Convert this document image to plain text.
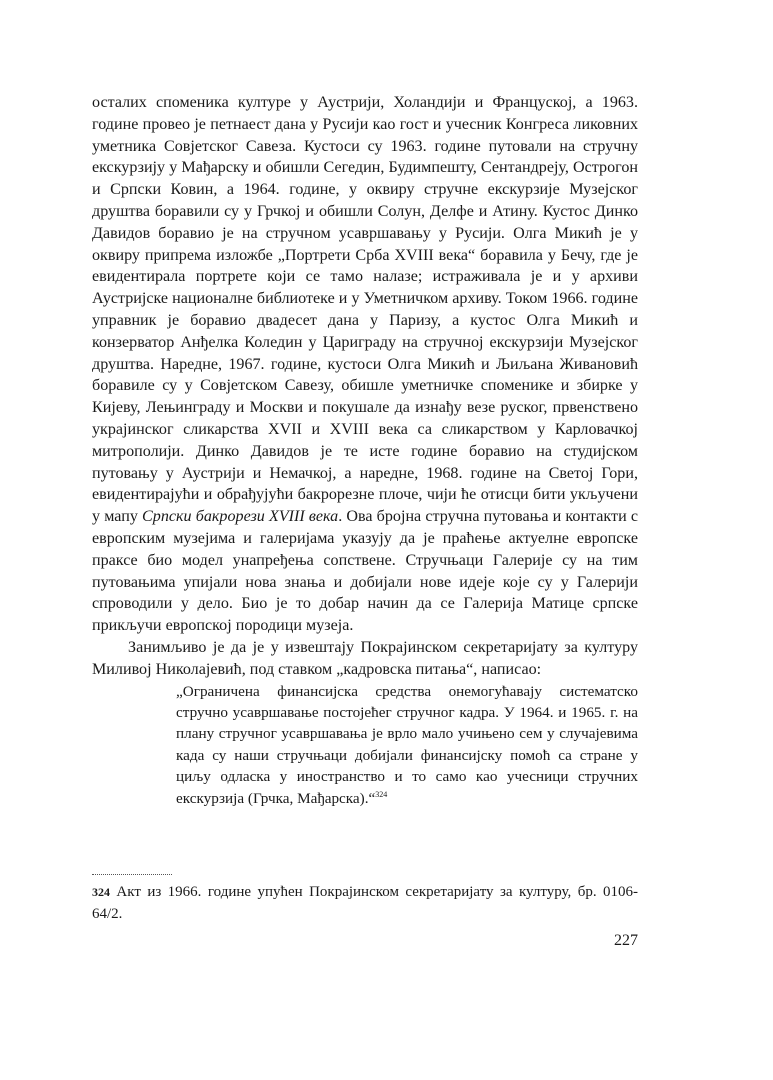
осталих споменика културе у Аустрији, Холандији и Француској, а 1963. године провео је петнаест дана у Русији као гост и учесник Конгреса ликовних уметника Совјетског Савеза. Кустоси су 1963. године путовали на стручну екскурзију у Мађарску и обишли Сегедин, Будимпешту, Сентандреју, Острогон и Српски Ковин, а 1964. године, у оквиру стручне екскурзије Музејског друштва боравили су у Грчкој и обишли Солун, Делфе и Атину. Кустос Динко Давидов боравио је на стручном усавршавању у Русији. Олга Микић је у оквиру припрема изложбе „Портрети Срба XVIII века“ боравила у Бечу, где је евидентирала портрете који се тамо налазе; истраживала је и у архиви Аустријске националне библиотеке и у Уметничком архиву. Током 1966. године управник је боравио двадесет дана у Паризу, а кустос Олга Микић и конзерватор Анђелка Коледин у Цариграду на стручној екскурзији Музејског друштва. Наредне, 1967. године, кустоси Олга Микић и Љиљана Живановић боравиле су у Совјетском Савезу, обишле уметничке споменике и збирке у Кијеву, Лењинграду и Москви и покушале да изнађу везе руског, првенствено украјинског сликарства XVII и XVIII века са сликарством у Карловачкој митрополији. Динко Давидов је те исте године боравио на студијском путовању у Аустрији и Немачкој, а наредне, 1968. године на Светој Гори, евидентирајући и обрађујући бакрорезне плоче, чији ће отисци бити укључени у мапу Српски бакрорези XVIII века. Ова бројна стручна путовања и контакти с европским музејима и галеријама указују да је праћење актуелне европске праксе био модел унапређења сопствене. Стручњаци Галерије су на тим путовањима упијали нова знања и добијали нове идеје које су у Галерији спроводили у дело. Био је то добар начин да се Галерија Матице српске прикључи европској породици музеја.

Занимљиво је да је у извештају Покрајинском секретаријату за културу Миливој Николајевић, под ставком „кадровска питања“, написао:

„Ограничена финансијска средства онемогућавају систематско стручно усавршавање постојећег стручног кадра. У 1964. и 1965. г. на плану стручног усавршавања је врло мало учињено сем у случајевима када су наши стручњаци добијали финансијску помоћ са стране у циљу одласка у иностранство и то само као учесници стручних екскурзија (Грчка, Мађарска).“$^{324}$

324 Акт из 1966. године упућен Покрајинском секретаријату за културу, бр. 0106-64/2.
227
